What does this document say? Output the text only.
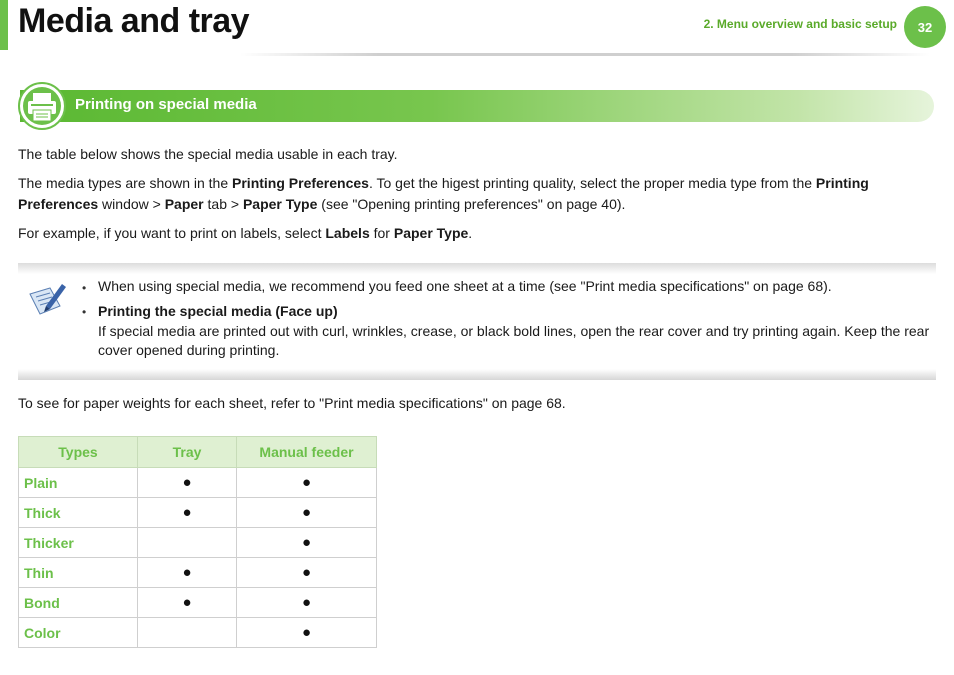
Media and tray	2. Menu overview and basic setup	32
Printing on special media

The table below shows the special media usable in each tray.

The media types are shown in the Printing Preferences. To get the higest printing quality, select the proper media type from the Printing
Preferences window > Paper tab > Paper Type (see "Opening printing preferences" on page 40).

For example, if you want to print on labels, select Labels for Paper Type.

• When using special media, we recommend you feed one sheet at a time (see "Print media specifications" on page 68).

• Printing the special media (Face up)

If special media are printed out with curl, wrinkles, crease, or black bold lines, open the rear cover and try printing again. Keep the rear cover opened during printing.

To see for paper weights for each sheet, refer to "Print media specifications" on page 68.

Types	Tray	Manual feeder
Plain	●	●
Thick	●	●
Thicker		●
Thin	●	●
Bond	●	●
Color		●
